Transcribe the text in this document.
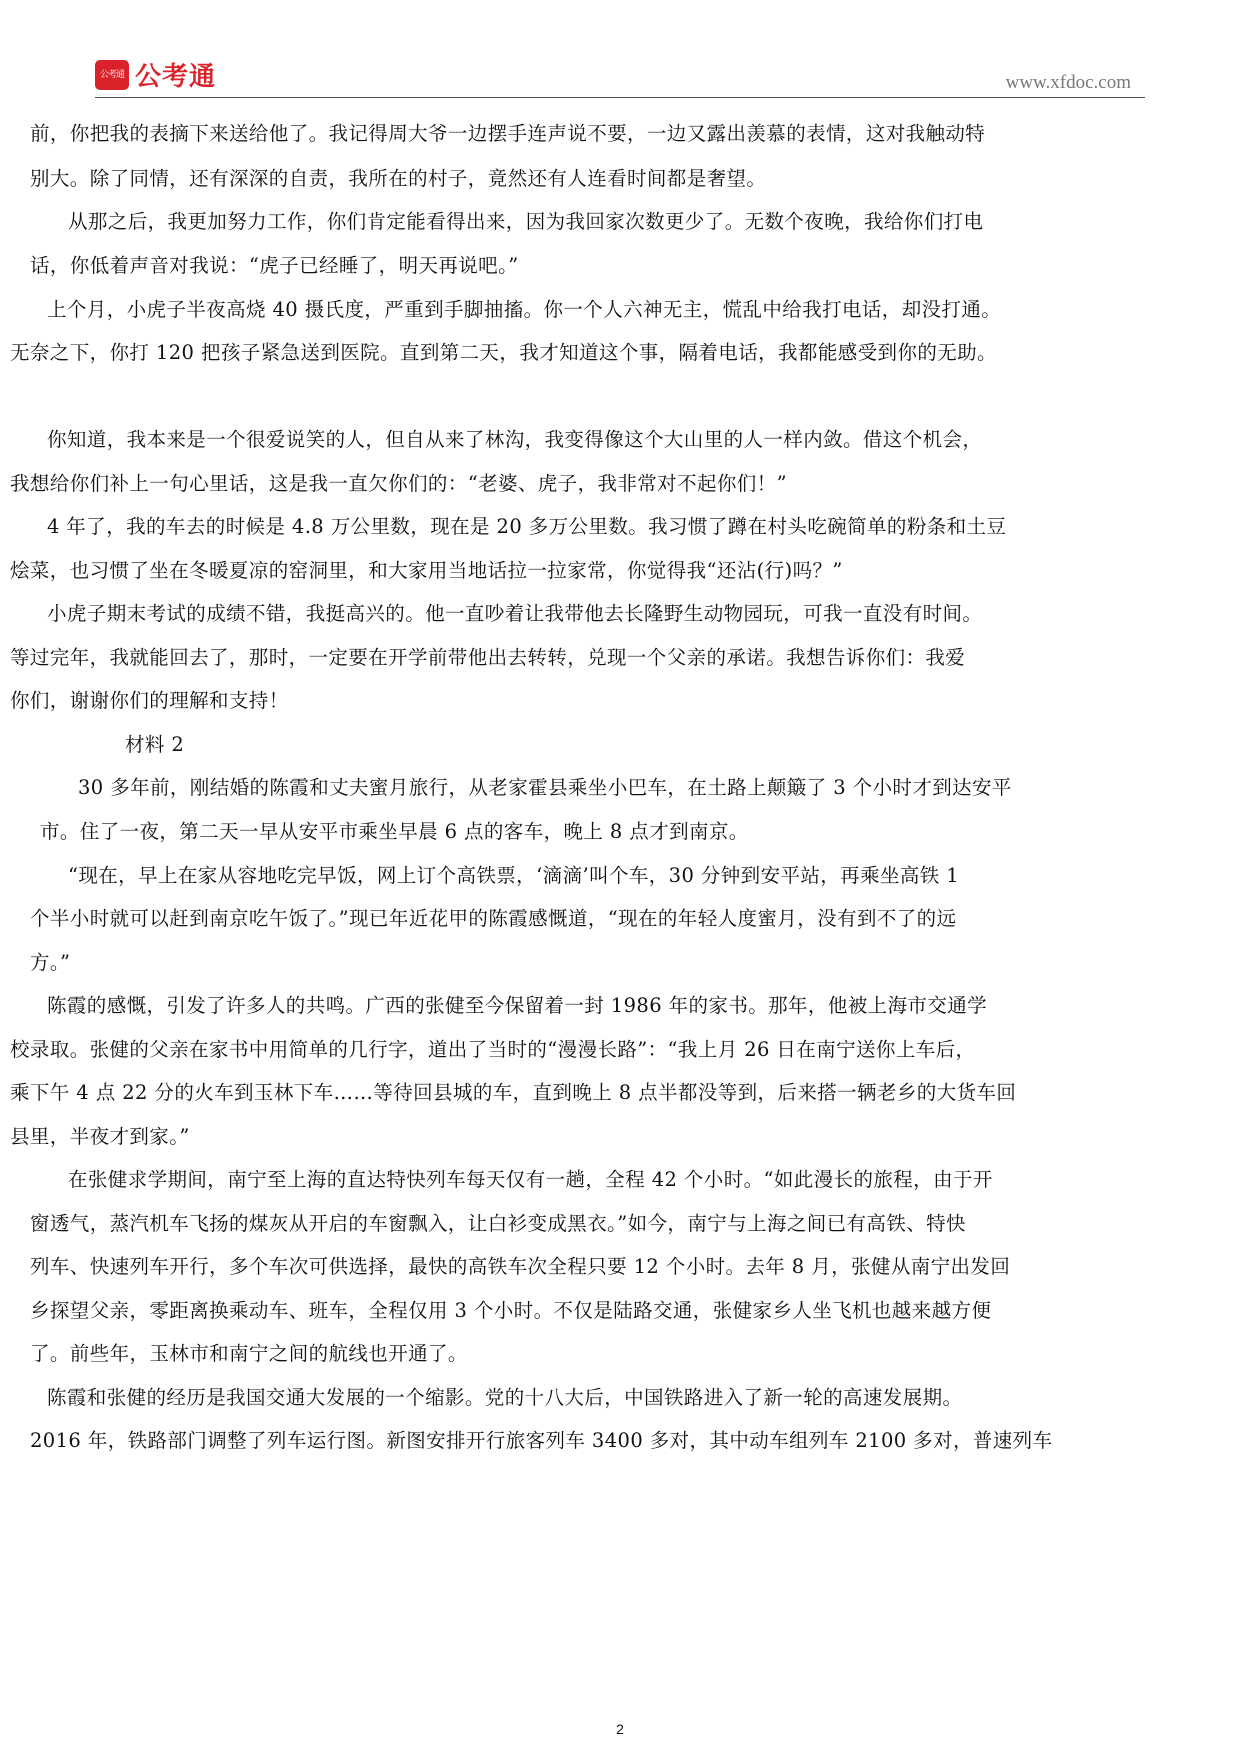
公考通 公考通	www.xfdoc.com
前，你把我的表摘下来送给他了。我记得周大爷一边摆手连声说不要，一边又露出羡慕的表情，这对我触动特
别大。除了同情，还有深深的自责，我所在的村子，竟然还有人连看时间都是奢望。
从那之后，我更加努力工作，你们肯定能看得出来，因为我回家次数更少了。无数个夜晚，我给你们打电
话，你低着声音对我说：“虎子已经睡了，明天再说吧。”
上个月，小虎子半夜高烧 40 摄氏度，严重到手脚抽搐。你一个人六神无主，慌乱中给我打电话，却没打通。
无奈之下，你打 120 把孩子紧急送到医院。直到第二天，我才知道这个事，隔着电话，我都能感受到你的无助。
你知道，我本来是一个很爱说笑的人，但自从来了林沟，我变得像这个大山里的人一样内敛。借这个机会，
我想给你们补上一句心里话，这是我一直欠你们的：“老婆、虎子，我非常对不起你们！”
4 年了，我的车去的时候是 4.8 万公里数，现在是 20 多万公里数。我习惯了蹲在村头吃碗简单的粉条和土豆
烩菜，也习惯了坐在冬暖夏凉的窑洞里，和大家用当地话拉一拉家常，你觉得我“还沾(行)吗？”
小虎子期末考试的成绩不错，我挺高兴的。他一直吵着让我带他去长隆野生动物园玩，可我一直没有时间。
等过完年，我就能回去了，那时，一定要在开学前带他出去转转，兑现一个父亲的承诺。我想告诉你们：我爱
你们，谢谢你们的理解和支持！
材料 2
30 多年前，刚结婚的陈霞和丈夫蜜月旅行，从老家霍县乘坐小巴车，在土路上颠簸了 3 个小时才到达安平
市。住了一夜，第二天一早从安平市乘坐早晨 6 点的客车，晚上 8 点才到南京。
“现在，早上在家从容地吃完早饭，网上订个高铁票，‘滴滴’叫个车，30 分钟到安平站，再乘坐高铁 1
个半小时就可以赶到南京吃午饭了。”现已年近花甲的陈霞感慨道，“现在的年轻人度蜜月，没有到不了的远
方。”
陈霞的感慨，引发了许多人的共鸣。广西的张健至今保留着一封 1986 年的家书。那年，他被上海市交通学
校录取。张健的父亲在家书中用简单的几行字，道出了当时的“漫漫长路”：“我上月 26 日在南宁送你上车后，
乘下午 4 点 22 分的火车到玉林下车……等待回县城的车，直到晚上 8 点半都没等到，后来搭一辆老乡的大货车回
县里，半夜才到家。”
在张健求学期间，南宁至上海的直达特快列车每天仅有一趟，全程 42 个小时。“如此漫长的旅程，由于开
窗透气，蒸汽机车飞扬的煤灰从开启的车窗飘入，让白衫变成黑衣。”如今，南宁与上海之间已有高铁、特快
列车、快速列车开行，多个车次可供选择，最快的高铁车次全程只要 12 个小时。去年 8 月，张健从南宁出发回
乡探望父亲，零距离换乘动车、班车，全程仅用 3 个小时。不仅是陆路交通，张健家乡人坐飞机也越来越方便
了。前些年，玉林市和南宁之间的航线也开通了。
陈霞和张健的经历是我国交通大发展的一个缩影。党的十八大后，中国铁路进入了新一轮的高速发展期。
2016 年，铁路部门调整了列车运行图。新图安排开行旅客列车 3400 多对，其中动车组列车 2100 多对，普速列车
2
